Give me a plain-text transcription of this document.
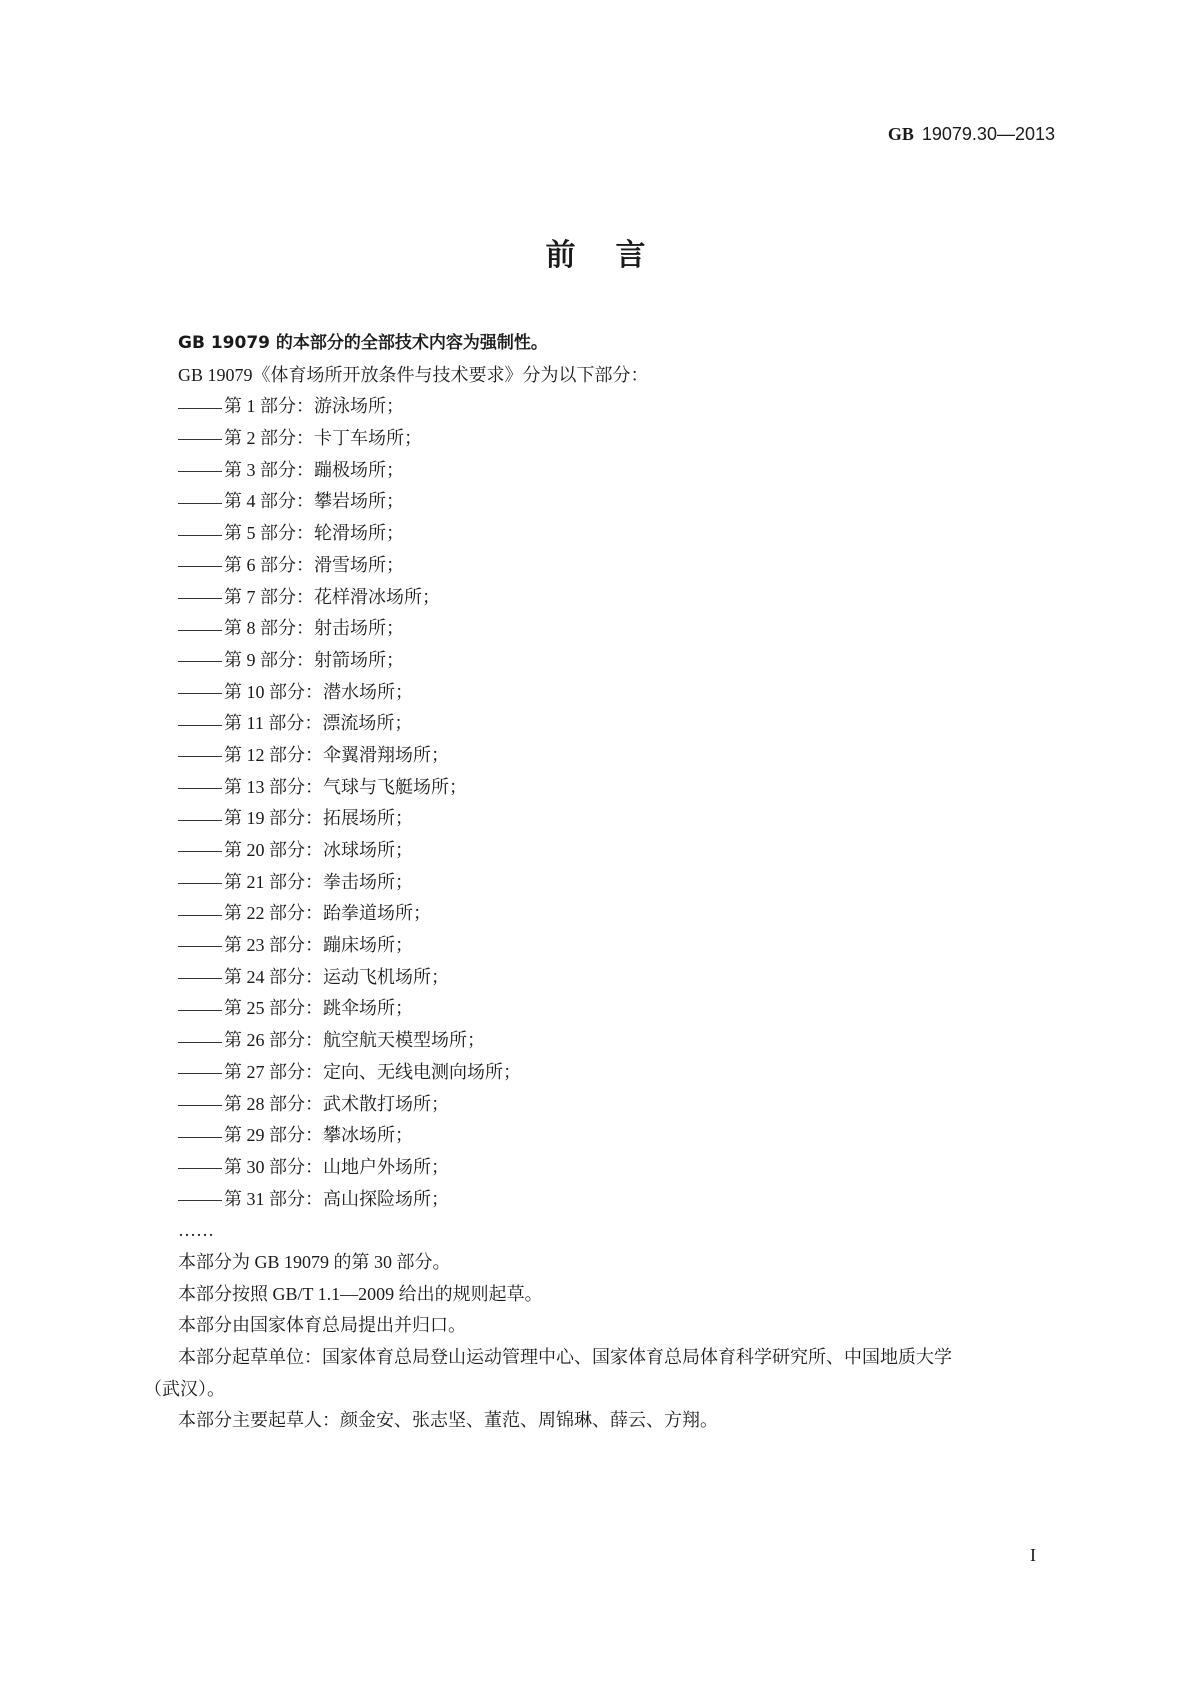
GB 19079.30—2013
前言
GB 19079 的本部分的全部技术内容为强制性。
GB 19079《体育场所开放条件与技术要求》分为以下部分：
第 1 部分：游泳场所；
第 2 部分：卡丁车场所；
第 3 部分：蹦极场所；
第 4 部分：攀岩场所；
第 5 部分：轮滑场所；
第 6 部分：滑雪场所；
第 7 部分：花样滑冰场所；
第 8 部分：射击场所；
第 9 部分：射箭场所；
第 10 部分：潜水场所；
第 11 部分：漂流场所；
第 12 部分：伞翼滑翔场所；
第 13 部分：气球与飞艇场所；
第 19 部分：拓展场所；
第 20 部分：冰球场所；
第 21 部分：拳击场所；
第 22 部分：跆拳道场所；
第 23 部分：蹦床场所；
第 24 部分：运动飞机场所；
第 25 部分：跳伞场所；
第 26 部分：航空航天模型场所；
第 27 部分：定向、无线电测向场所；
第 28 部分：武术散打场所；
第 29 部分：攀冰场所；
第 30 部分：山地户外场所；
第 31 部分：高山探险场所；
……
本部分为 GB 19079 的第 30 部分。
本部分按照 GB/T 1.1—2009 给出的规则起草。
本部分由国家体育总局提出并归口。
本部分起草单位：国家体育总局登山运动管理中心、国家体育总局体育科学研究所、中国地质大学
（武汉）。
本部分主要起草人：颜金安、张志坚、董范、周锦琳、薛云、方翔。
I
